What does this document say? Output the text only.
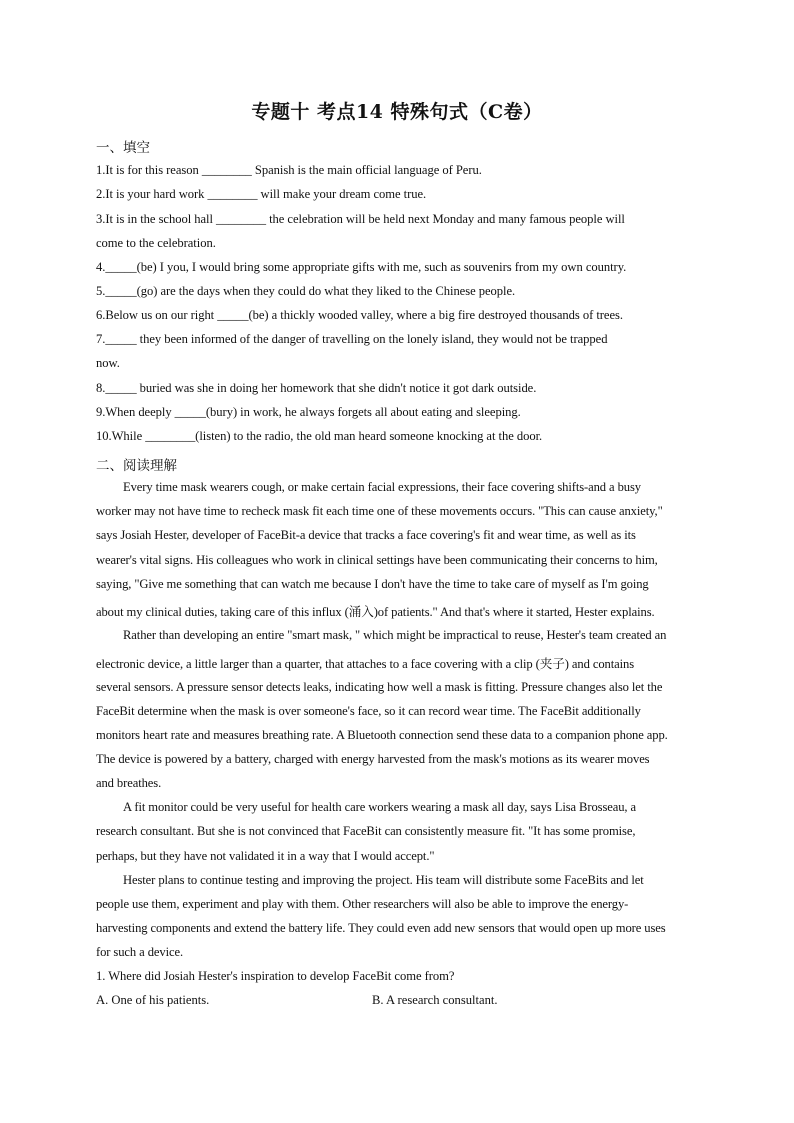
专题十 考点14 特殊句式（C卷）
一、填空
1.It is for this reason ________ Spanish is the main official language of Peru.
2.It is your hard work ________ will make your dream come true.
3.It is in the school hall ________ the celebration will be held next Monday and many famous people will
come to the celebration.
4._____(be) I you, I would bring some appropriate gifts with me, such as souvenirs from my own country.
5._____(go) are the days when they could do what they liked to the Chinese people.
6.Below us on our right _____(be) a thickly wooded valley, where a big fire destroyed thousands of trees.
7._____ they been informed of the danger of travelling on the lonely island, they would not be trapped
now.
8._____ buried was she in doing her homework that she didn't notice it got dark outside.
9.When deeply _____(bury) in work, he always forgets all about eating and sleeping.
10.While ________(listen) to the radio, the old man heard someone knocking at the door.
二、阅读理解
Every time mask wearers cough, or make certain facial expressions, their face covering shifts-and a busy
worker may not have time to recheck mask fit each time one of these movements occurs. "This can cause anxiety,"
says Josiah Hester, developer of FaceBit-a device that tracks a face covering's fit and wear time, as well as its
wearer's vital signs. His colleagues who work in clinical settings have been communicating their concerns to him,
saying, "Give me something that can watch me because I don't have the time to take care of myself as I'm going
about my clinical duties, taking care of this influx (涌入)of patients." And that's where it started, Hester explains.
Rather than developing an entire "smart mask, " which might be impractical to reuse, Hester's team created an
electronic device, a little larger than a quarter, that attaches to a face covering with a clip (夹子) and contains
several sensors. A pressure sensor detects leaks, indicating how well a mask is fitting. Pressure changes also let the
FaceBit determine when the mask is over someone's face, so it can record wear time. The FaceBit additionally
monitors heart rate and measures breathing rate. A Bluetooth connection send these data to a companion phone app.
The device is powered by a battery, charged with energy harvested from the mask's motions as its wearer moves
and breathes.
A fit monitor could be very useful for health care workers wearing a mask all day, says Lisa Brosseau, a
research consultant. But she is not convinced that FaceBit can consistently measure fit. "It has some promise,
perhaps, but they have not validated it in a way that I would accept."
Hester plans to continue testing and improving the project. His team will distribute some FaceBits and let
people use them, experiment and play with them. Other researchers will also be able to improve the energy-
harvesting components and extend the battery life. They could even add new sensors that would open up more uses
for such a device.
1. Where did Josiah Hester's inspiration to develop FaceBit come from?
A. One of his patients.	B. A research consultant.
